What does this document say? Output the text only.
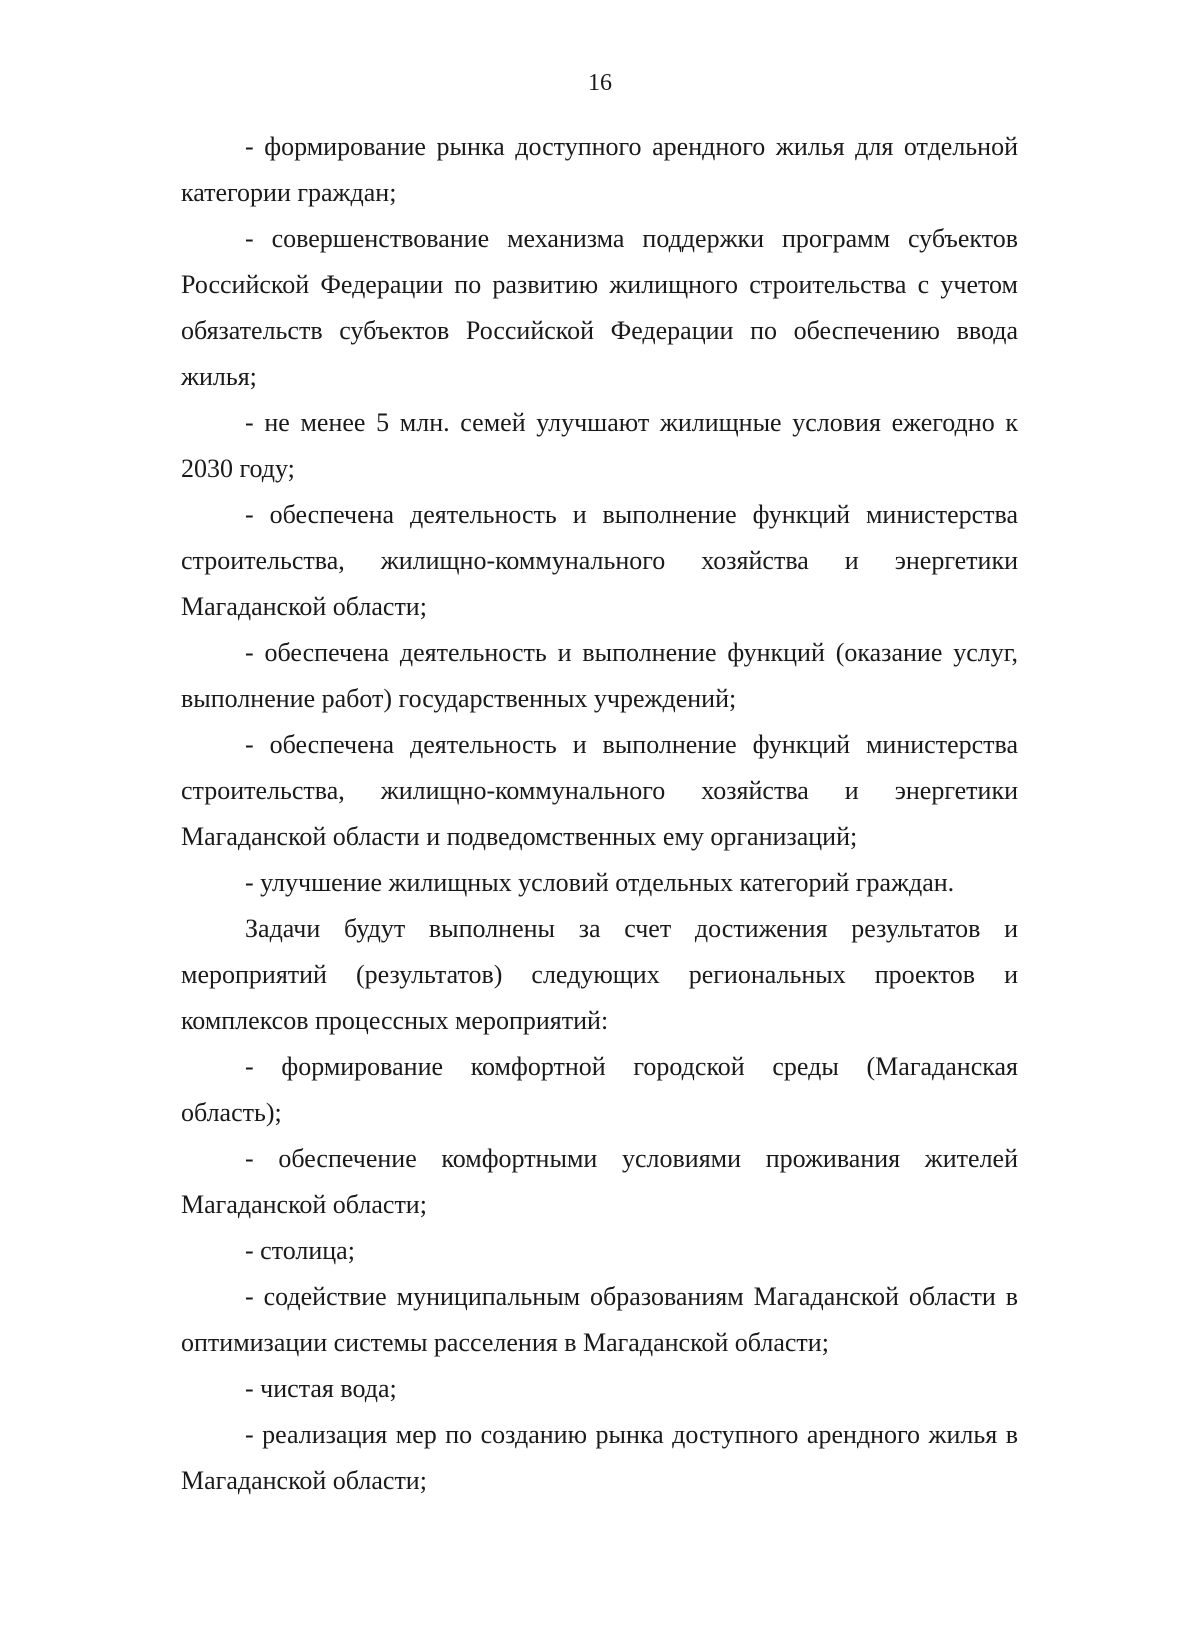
16

- формирование рынка доступного арендного жилья для отдельной категории граждан;

- совершенствование механизма поддержки программ субъектов Российской Федерации по развитию жилищного строительства с учетом обязательств субъектов Российской Федерации по обеспечению ввода жилья;

- не менее 5 млн. семей улучшают жилищные условия ежегодно к 2030 году;

- обеспечена деятельность и выполнение функций министерства строительства, жилищно-коммунального хозяйства и энергетики Магаданской области;

- обеспечена деятельность и выполнение функций (оказание услуг, выполнение работ) государственных учреждений;

- обеспечена деятельность и выполнение функций министерства строительства, жилищно-коммунального хозяйства и энергетики Магаданской области и подведомственных ему организаций;

- улучшение жилищных условий отдельных категорий граждан.

Задачи будут выполнены за счет достижения результатов и мероприятий (результатов) следующих региональных проектов и комплексов процессных мероприятий:

- формирование комфортной городской среды (Магаданская область);

- обеспечение комфортными условиями проживания жителей Магаданской области;

- столица;

- содействие муниципальным образованиям Магаданской области в оптимизации системы расселения в Магаданской области;

- чистая вода;

- реализация мер по созданию рынка доступного арендного жилья в Магаданской области;
